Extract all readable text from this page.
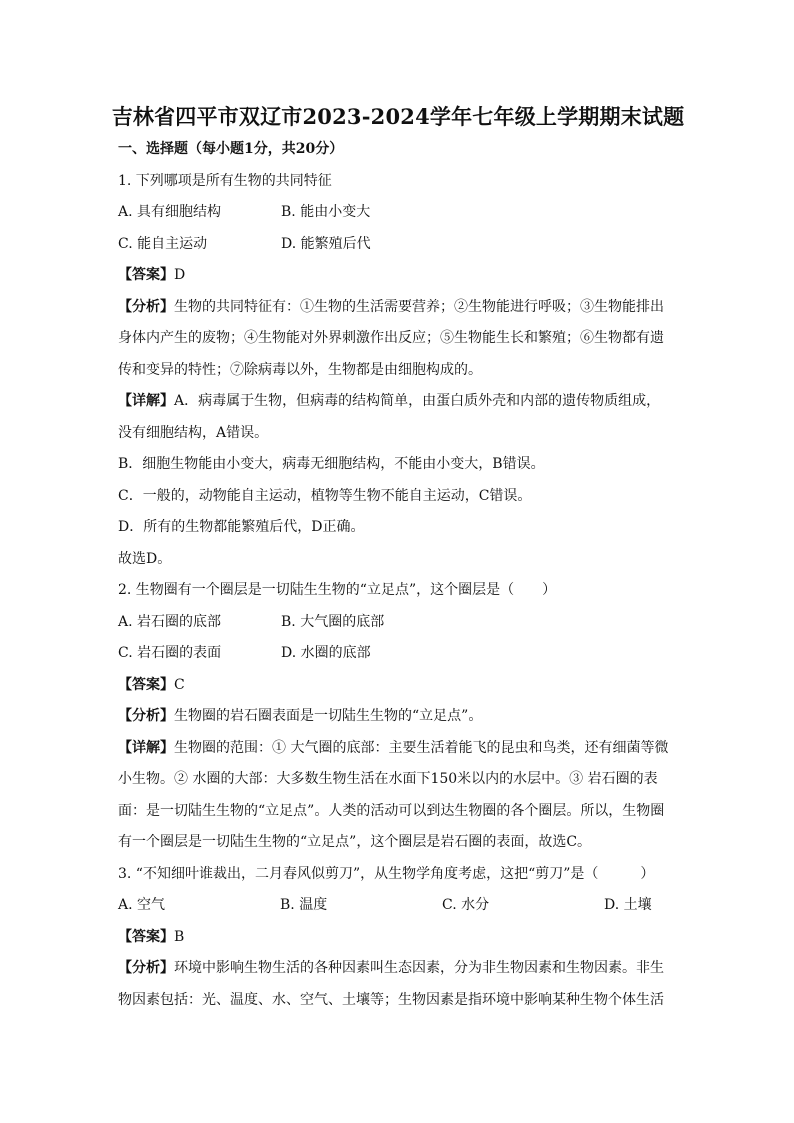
吉林省四平市双辽市2023-2024学年七年级上学期期末试题
一、选择题（每小题1分，共20分）
1. 下列哪项是所有生物的共同特征
A. 具有细胞结构	B. 能由小变大
C. 能自主运动	D. 能繁殖后代
【答案】D
【分析】生物的共同特征有：①生物的生活需要营养；②生物能进行呼吸；③生物能排出
身体内产生的废物；④生物能对外界刺激作出反应；⑤生物能生长和繁殖；⑥生物都有遗
传和变异的特性；⑦除病毒以外，生物都是由细胞构成的。
【详解】A．病毒属于生物，但病毒的结构简单，由蛋白质外壳和内部的遗传物质组成，
没有细胞结构，A错误。
B．细胞生物能由小变大，病毒无细胞结构，不能由小变大，B错误。
C．一般的，动物能自主运动，植物等生物不能自主运动，C错误。
D．所有的生物都能繁殖后代，D正确。
故选D。
2. 生物圈有一个圈层是一切陆生生物的“立足点”，这个圈层是（　　）
A. 岩石圈的底部	B. 大气圈的底部
C. 岩石圈的表面	D. 水圈的底部
【答案】C
【分析】生物圈的岩石圈表面是一切陆生生物的“立足点”。
【详解】生物圈的范围：① 大气圈的底部：主要生活着能飞的昆虫和鸟类，还有细菌等微
小生物。② 水圈的大部：大多数生物生活在水面下150米以内的水层中。③ 岩石圈的表
面：是一切陆生生物的“立足点”。人类的活动可以到达生物圈的各个圈层。所以，生物圈
有一个圈层是一切陆生生物的“立足点”，这个圈层是岩石圈的表面，故选C。
3. “不知细叶谁裁出，二月春风似剪刀”，从生物学角度考虑，这把“剪刀”是（　　　）
A. 空气	B. 温度	C. 水分	D. 土壤
【答案】B
【分析】环境中影响生物生活的各种因素叫生态因素，分为非生物因素和生物因素。非生
物因素包括：光、温度、水、空气、土壤等；生物因素是指环境中影响某种生物个体生活
